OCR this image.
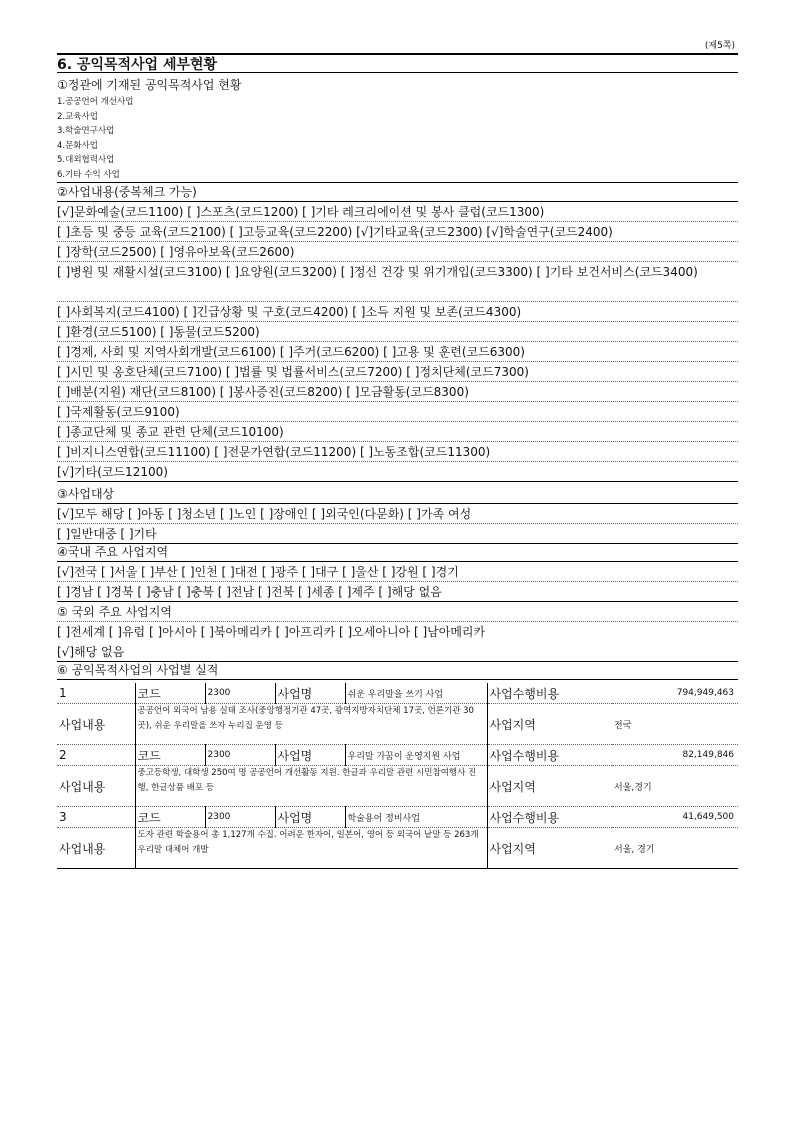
(제5쪽)
6. 공익목적사업 세부현황
①정관에 기재된 공익목적사업 현황
1.공공언어 개선사업
2.교육사업
3.학술연구사업
4.문화사업
5.대외협력사업
6.기타 수익 사업
②사업내용(중복체크 가능)
[√]문화예술(코드1100) [ ]스포츠(코드1200) [ ]기타 레크리에이션 및 봉사 클럽(코드1300)
[ ]초등 및 중등 교육(코드2100) [ ]고등교육(코드2200) [√]기타교육(코드2300) [√]학술연구(코드2400)
[ ]장학(코드2500) [ ]영유아보육(코드2600)
[ ]병원 및 재활시설(코드3100) [ ]요양원(코드3200) [ ]정신 건강 및 위기개입(코드3300) [ ]기타 보건서비스(코드3400)
[ ]사회복지(코드4100) [ ]긴급상황 및 구호(코드4200) [ ]소득 지원 및 보존(코드4300)
[ ]환경(코드5100) [ ]동물(코드5200)
[ ]경제, 사회 및 지역사회개발(코드6100) [ ]주거(코드6200) [ ]고용 및 훈련(코드6300)
[ ]시민 및 옹호단체(코드7100) [ ]법률 및 법률서비스(코드7200) [ ]정치단체(코드7300)
[ ]배분(지원) 재단(코드8100) [ ]봉사증진(코드8200) [ ]모금활동(코드8300)
[ ]국제활동(코드9100)
[ ]종교단체 및 종교 관련 단체(코드10100)
[ ]비지니스연합(코드11100) [ ]전문가연합(코드11200) [ ]노동조합(코드11300)
[√]기타(코드12100)
③사업대상
[√]모두 해당 [ ]아동 [ ]청소년 [ ]노인 [ ]장애인 [ ]외국인(다문화) [ ]가족 여성
[ ]일반대중 [ ]기타
④국내 주요 사업지역
[√]전국 [ ]서울 [ ]부산 [ ]인천 [ ]대전 [ ]광주 [ ]대구 [ ]울산 [ ]강원 [ ]경기
[ ]경남 [ ]경북 [ ]충남 [ ]충북 [ ]전남 [ ]전북 [ ]세종 [ ]제주 [ ]해당 없음
⑤ 국외 주요 사업지역
[ ]전세계 [ ]유럽 [ ]아시아 [ ]북아메리카 [ ]아프리카 [ ]오세아니아 [ ]남아메리카
[√]해당 없음
⑥ 공익목적사업의 사업별 실적
1	코드	2300	사업명	쉬운 우리말을 쓰기 사업	사업수행비용	794,949,463
사업내용	공공언어 외국어 남용 실태 조사(중앙행정기관 47곳, 광역지방자치단체 17곳, 언론기관 30곳), 쉬운 우리말을 쓰자 누리집 운영 등				사업지역	전국
2	코드	2300	사업명	우리말 가꿈이 운영지원 사업	사업수행비용	82,149,846
사업내용	중고등학생, 대학생 250여 명 공공언어 개선활동 지원. 한글과 우리말 관련 시민참여행사 진행, 한글상품 배포 등				사업지역	서울,경기
3	코드	2300	사업명	학술용어 정비사업	사업수행비용	41,649,500
사업내용	도자 관련 학술용어 총 1,127개 수집. 어려운 한자어, 일본어, 영어 등 외국어 낱말 등 263개 우리말 대체어 개발				사업지역	서울, 경기
